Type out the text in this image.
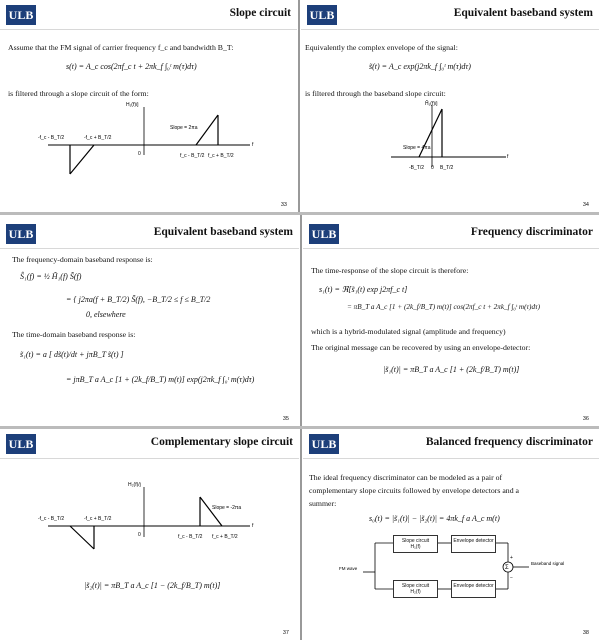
ULB	Slope circuit
Assume that the FM signal of carrier frequency f_c and bandwidth B_T:
s(t) = A_c cos(2πf_c t + 2πk_f ∫₀ᵗ m(τ)dτ)
is filtered through a slope circuit of the form:
H₁(f)/j
Slope = 2πa
0
f
-f_c - B_T/2	-f_c + B_T/2
f_c - B_T/2 f_c + B_T/2
33
ULB	Equivalent baseband system
Equivalently the complex envelope of the signal:
s̃(t) = A_c exp(j2πk_f ∫₀ᵗ m(τ)dτ)
is filtered through the baseband slope circuit:
H̃₁(f)/j
Slope = 4πa
f
-B_T/2 0 B_T/2
34
ULB	Equivalent baseband system
The frequency-domain baseband response is:
Ŝ₁(f) = ½ H̃₁(f) S̃(f)
= { j2πa(f + B_T/2) S̃(f), −B_T/2 ≤ f ≤ B_T/2
0, elsewhere
The time-domain baseband response is:
s̃₁(t) = a [ ds̃(t)/dt + jπB_T s̃(t) ]
= jπB_T a A_c [1 + (2k_f/B_T) m(t)] exp(j2πk_f ∫₀ᵗ m(τ)dτ)
35
ULB	Frequency discriminator
The time-response of the slope circuit is therefore:
s₁(t) = ℜ[s̃₁(t) exp j2πf_c t]
= πB_T a A_c [1 + (2k_f/B_T) m(t)] cos(2πf_c t + 2πk_f ∫₀ᵗ m(τ)dτ)
which is a hybrid-modulated signal (amplitude and frequency)
The original message can be recovered by using an envelope-detector:
|s̃₁(t)| = πB_T a A_c [1 + (2k_f/B_T) m(t)]
36
ULB	Complementary slope circuit
H₂(f)/j
Slope = -2πa
0
f
-f_c - B_T/2	-f_c + B_T/2
f_c - B_T/2 f_c + B_T/2
|s̃₂(t)| = πB_T a A_c [1 − (2k_f/B_T) m(t)]
37
ULB	Balanced frequency discriminator
The ideal frequency discriminator can be modeled as a pair of
complementary slope circuits followed by envelope detectors and a
summer:
s₀(t) = |s̃₁(t)| − |s̃₂(t)| = 4πk_f a A_c m(t)
Σ
+
−
FM wave
Baseband signal
Slope circuit
H₁(f)
Envelope detector
Slope circuit
H₂(f)
Envelope detector
38
